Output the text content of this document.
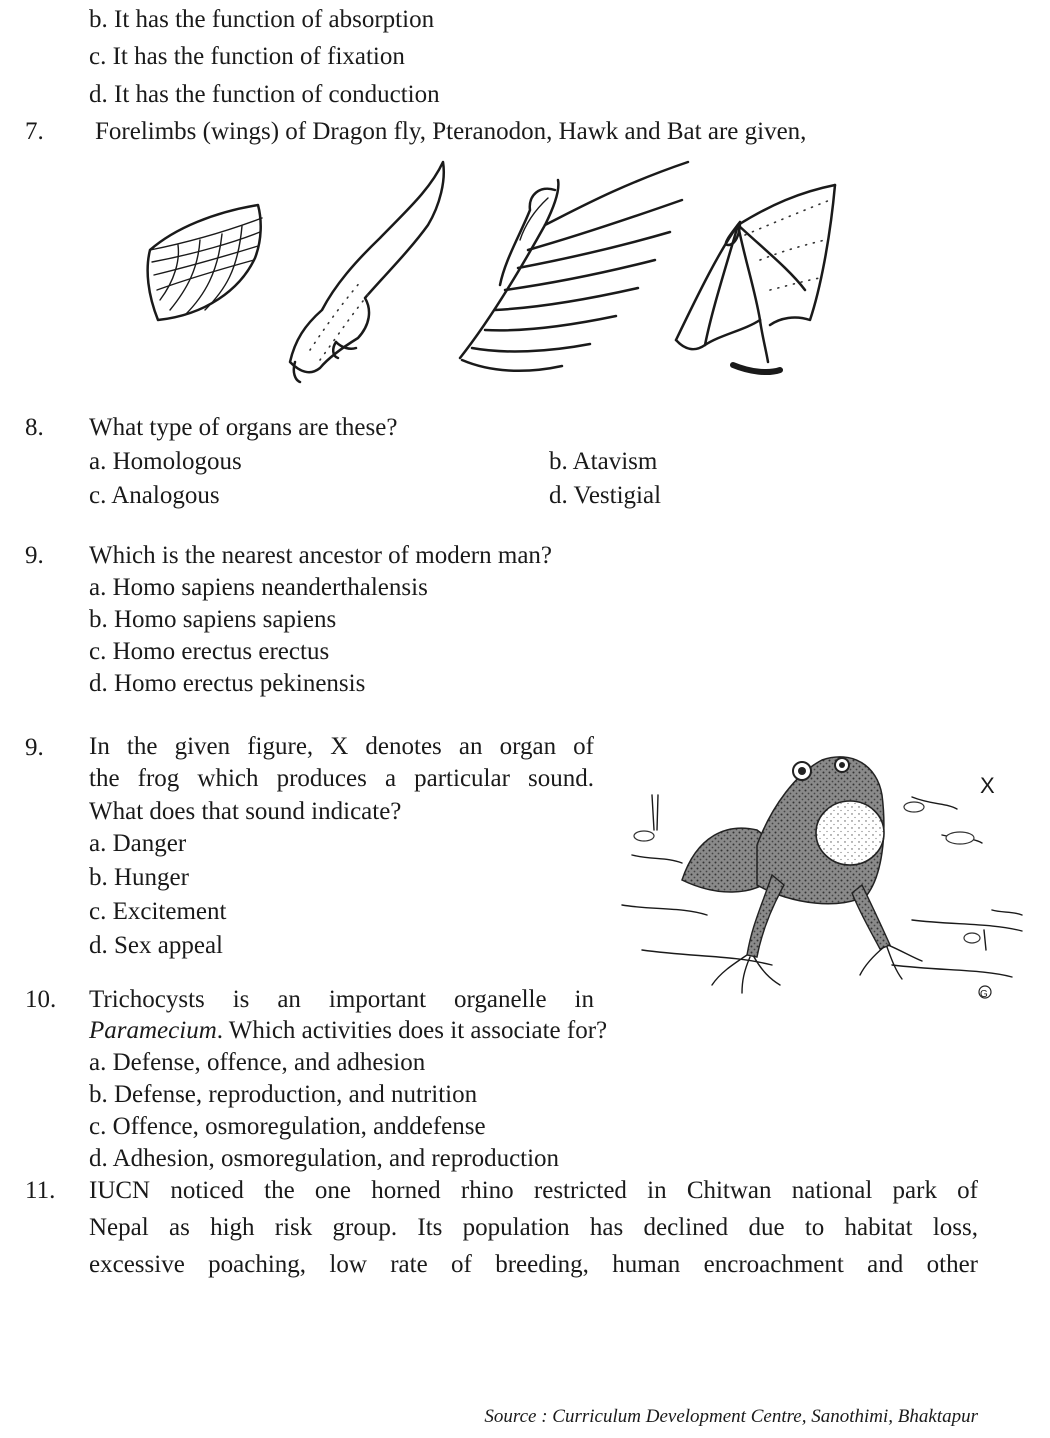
b. It has the function of absorption
c. It has the function of fixation
d. It has the function of conduction
7. Forelimbs (wings) of Dragon fly, Pteranodon, Hawk and Bat are given,
8. What type of organs are these?
a. Homologous	b. Atavism
c. Analogous	d. Vestigial
9. Which is the nearest ancestor of modern man?
a. Homo sapiens neanderthalensis
b. Homo sapiens sapiens
c. Homo erectus erectus
d. Homo erectus pekinensis
9. In the given figure, X denotes an organ of
the frog which produces a particular sound.
What does that sound indicate?
a. Danger
b. Hunger
c. Excitement
d. Sex appeal
X
G
10. Trichocysts is an important organelle in
Paramecium. Which activities does it associate for?
a. Defense, offence, and adhesion
b. Defense, reproduction, and nutrition
c. Offence, osmoregulation, anddefense
d. Adhesion, osmoregulation, and reproduction
11. IUCN noticed the one horned rhino restricted in Chitwan national park of
Nepal as high risk group. Its population has declined due to habitat loss,
excessive poaching, low rate of breeding, human encroachment and other
Source : Curriculum Development Centre, Sanothimi, Bhaktapur
